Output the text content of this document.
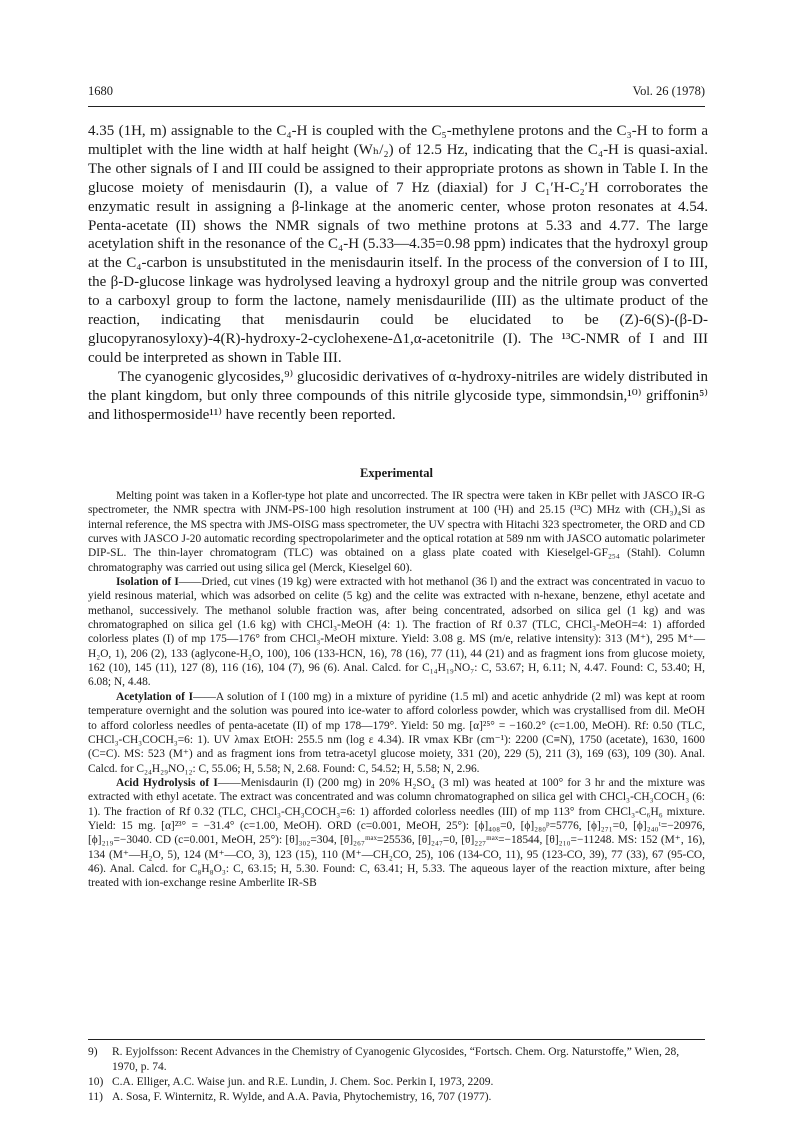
1680	Vol. 26 (1978)

4.35 (1H, m) assignable to the C₄-H is coupled with the C₅-methylene protons and the C₃-H to form a multiplet with the line width at half height (Wₕ/₂) of 12.5 Hz, indicating that the C₄-H is quasi-axial. The other signals of I and III could be assigned to their appropriate protons as shown in Table I. In the glucose moiety of menisdaurin (I), a value of 7 Hz (diaxial) for J C₁′H-C₂′H corroborates the enzymatic result in assigning a β-linkage at the anomeric center, whose proton resonates at 4.54. Penta-acetate (II) shows the NMR signals of two methine protons at 5.33 and 4.77. The large acetylation shift in the resonance of the C₄-H (5.33—4.35=0.98 ppm) indicates that the hydroxyl group at the C₄-carbon is unsubstituted in the menisdaurin itself. In the process of the conversion of I to III, the β-D-glucose linkage was hydrolysed leaving a hydroxyl group and the nitrile group was converted to a carboxyl group to form the lactone, namely menisdaurilide (III) as the ultimate product of the reaction, indicating that menisdaurin could be elucidated to be (Z)-6(S)-(β-D-glucopyranosyloxy)-4(R)-hydroxy-2-cyclohexene-Δ1,α-acetonitrile (I). The ¹³C-NMR of I and III could be interpreted as shown in Table III.

The cyanogenic glycosides,⁹⁾ glucosidic derivatives of α-hydroxy-nitriles are widely distributed in the plant kingdom, but only three compounds of this nitrile glycoside type, simmondsin,¹⁰⁾ griffonin⁵⁾ and lithospermoside¹¹⁾ have recently been reported.

Experimental

Melting point was taken in a Kofler-type hot plate and uncorrected. The IR spectra were taken in KBr pellet with JASCO IR-G spectrometer, the NMR spectra with JNM-PS-100 high resolution instrument at 100 (¹H) and 25.15 (¹³C) MHz with (CH₃)₄Si as internal reference, the MS spectra with JMS-OISG mass spectrometer, the UV spectra with Hitachi 323 spectrometer, the ORD and CD curves with JASCO J-20 automatic recording spectropolarimeter and the optical rotation at 589 nm with JASCO automatic polarimeter DIP-SL. The thin-layer chromatogram (TLC) was obtained on a glass plate coated with Kieselgel-GF₂₅₄ (Stahl). Column chromatography was carried out using silica gel (Merck, Kieselgel 60).

Isolation of I——Dried, cut vines (19 kg) were extracted with hot methanol (36 l) and the extract was concentrated in vacuo to yield resinous material, which was adsorbed on celite (5 kg) and the celite was extracted with n-hexane, benzene, ethyl acetate and methanol, successively. The methanol soluble fraction was, after being concentrated, adsorbed on silica gel (1 kg) and was chromatographed on silica gel (1.6 kg) with CHCl₃-MeOH (4: 1). The fraction of Rf 0.37 (TLC, CHCl₃-MeOH=4: 1) afforded colorless plates (I) of mp 175—176° from CHCl₃-MeOH mixture. Yield: 3.08 g. MS (m/e, relative intensity): 313 (M⁺), 295 M⁺—H₂O, 1), 206 (2), 133 (aglycone-H₂O, 100), 106 (133-HCN, 16), 78 (16), 77 (11), 44 (21) and as fragment ions from glucose moiety, 162 (10), 145 (11), 127 (8), 116 (16), 104 (7), 96 (6). Anal. Calcd. for C₁₄H₁₉NO₇: C, 53.67; H, 6.11; N, 4.47. Found: C, 53.40; H, 6.08; N, 4.48.

Acetylation of I——A solution of I (100 mg) in a mixture of pyridine (1.5 ml) and acetic anhydride (2 ml) was kept at room temperature overnight and the solution was poured into ice-water to afford colorless powder, which was crystallised from dil. MeOH to afford colorless needles of penta-acetate (II) of mp 178—179°. Yield: 50 mg. [α]²⁵° = −160.2° (c=1.00, MeOH). Rf: 0.50 (TLC, CHCl₃-CH₃COCH₃=6: 1). UV λmax EtOH: 255.5 nm (log ε 4.34). IR νmax KBr (cm⁻¹): 2200 (C≡N), 1750 (acetate), 1630, 1600 (C=C). MS: 523 (M⁺) and as fragment ions from tetra-acetyl glucose moiety, 331 (20), 229 (5), 211 (3), 169 (63), 109 (30). Anal. Calcd. for C₂₄H₂₉NO₁₂: C, 55.06; H, 5.58; N, 2.68. Found: C, 54.52; H, 5.58; N, 2.96.

Acid Hydrolysis of I——Menisdaurin (I) (200 mg) in 20% H₂SO₄ (3 ml) was heated at 100° for 3 hr and the mixture was extracted with ethyl acetate. The extract was concentrated and was column chromatographed on silica gel with CHCl₃-CH₃COCH₃ (6: 1). The fraction of Rf 0.32 (TLC, CHCl₃-CH₃COCH₃=6: 1) afforded colorless needles (III) of mp 113° from CHCl₃-C₆H₆ mixture. Yield: 15 mg. [α]²³° = −31.4° (c=1.00, MeOH). ORD (c=0.001, MeOH, 25°): [ϕ]₄₀₈=0, [ϕ]₂₈₀ᵖ=5776, [ϕ]₂₇₁=0, [ϕ]₂₄₀ᵗ=−20976, [ϕ]₂₁₉=−3040. CD (c=0.001, MeOH, 25°): [θ]₃₀₂=304, [θ]₂₆₇ᵐᵃˣ=25536, [θ]₂₄₇=0, [θ]₂₂₇ᵐᵃˣ=−18544, [θ]₂₁₀=−11248. MS: 152 (M⁺, 16), 134 (M⁺—H₂O, 5), 124 (M⁺—CO, 3), 123 (15), 110 (M⁺—CH₂CO, 25), 106 (134-CO, 11), 95 (123-CO, 39), 77 (33), 67 (95-CO, 46). Anal. Calcd. for C₈H₈O₃: C, 63.15; H, 5.30. Found: C, 63.41; H, 5.33. The aqueous layer of the reaction mixture, after being treated with ion-exchange resine Amberlite IR-SB

9)	R. Eyjolfsson: Recent Advances in the Chemistry of Cyanogenic Glycosides, “Fortsch. Chem. Org. Naturstoffe,” Wien, 28, 1970, p. 74.
10) C.A. Elliger, A.C. Waise jun. and R.E. Lundin, J. Chem. Soc. Perkin I, 1973, 2209.
11) A. Sosa, F. Winternitz, R. Wylde, and A.A. Pavia, Phytochemistry, 16, 707 (1977).
